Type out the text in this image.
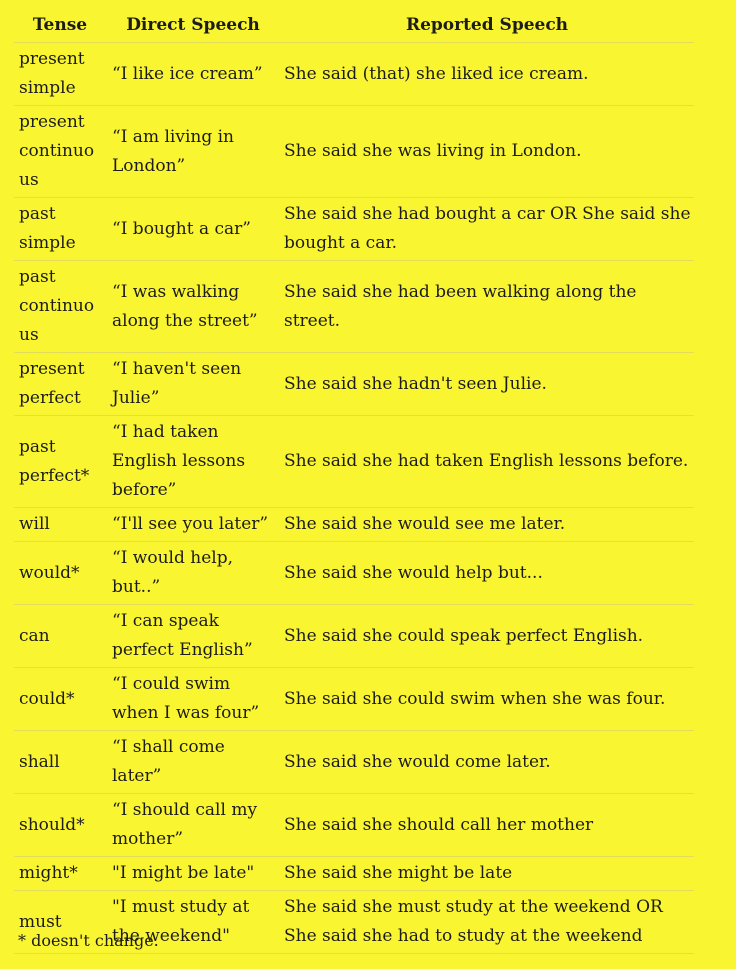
Tense	Direct Speech	Reported Speech
present simple	“I like ice cream”	She said (that) she liked ice cream.
present continuous	“I am living in London”	She said she was living in London.
past simple	“I bought a car”	She said she had bought a car OR She said she bought a car.
past continuous	“I was walking along the street”	She said she had been walking along the street.
present perfect	“I haven't seen Julie”	She said she hadn't seen Julie.
past perfect*	“I had taken English lessons before”	She said she had taken English lessons before.
will	“I'll see you later”	She said she would see me later.
would*	“I would help, but..”	She said she would help but...
can	“I can speak perfect English”	She said she could speak perfect English.
could*	“I could swim when I was four”	She said she could swim when she was four.
shall	“I shall come later”	She said she would come later.
should*	“I should call my mother”	She said she should call her mother
might*	"I might be late"	She said she might be late
must	"I must study at the weekend"	She said she must study at the weekend OR She said she had to study at the weekend
* doesn't change.
